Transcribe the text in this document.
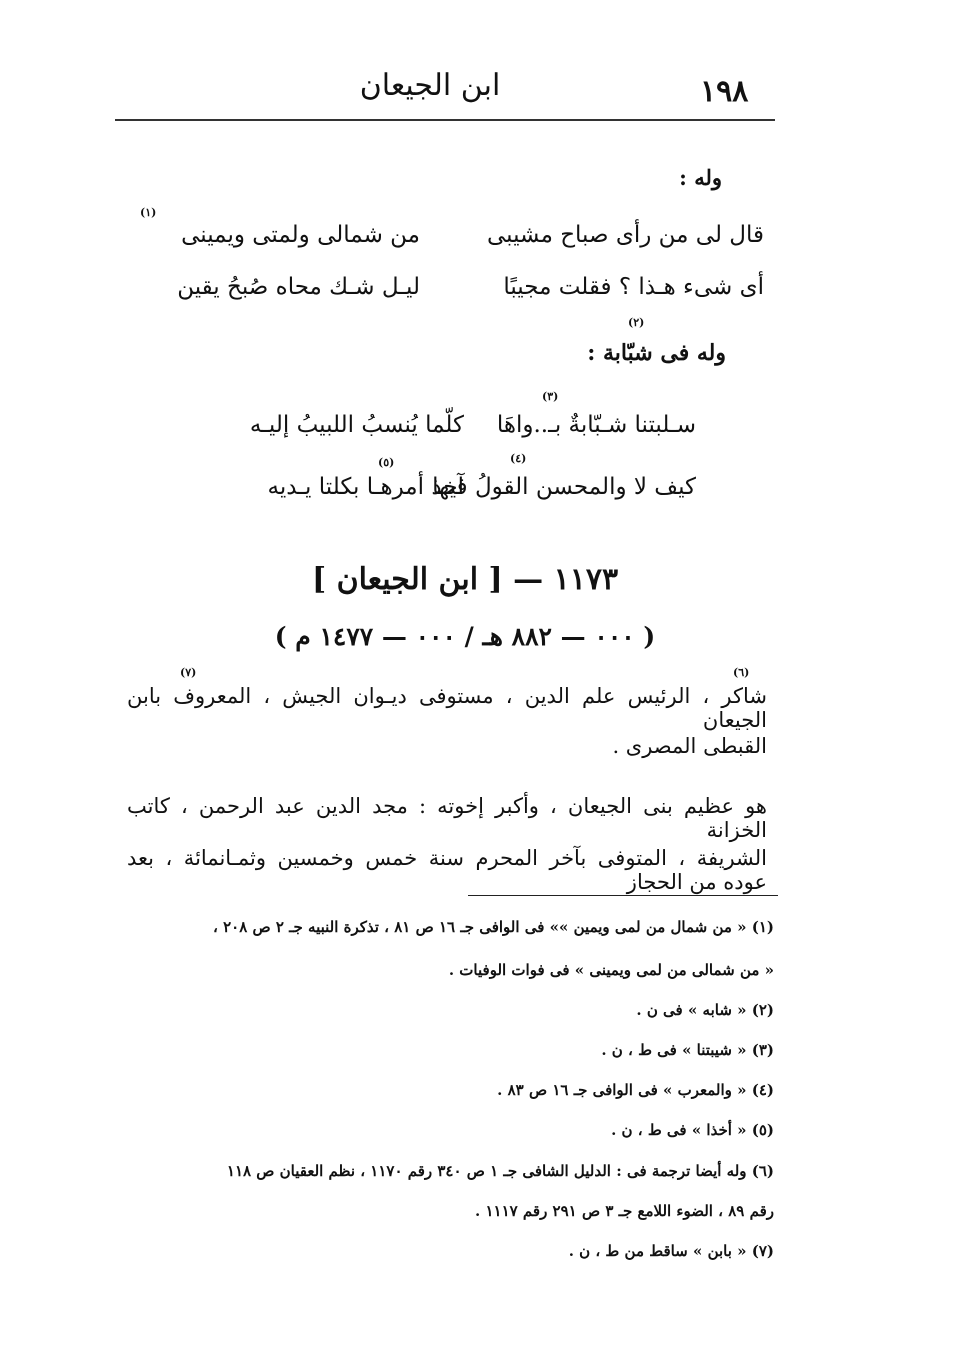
١٩٨
ابن الجيعان
وله :
قال لى من رأى صباح مشيبى
من شمالى ولمتى ويمينى
أى شىء هـذا ؟ فقلت مجيبًا
ليـل شـك محاه صُبحُ يقين
(١)
(٢)
وله فى شبّابة :
(٣)
(٤)
(٥)
سـلبتنا شـبّابةٌ بـ..واهَا
كلّما يُنسبُ اللبيبُ إليـه
كيف لا والمحسن القولُ فيها
آخذ أمرهـا بكلتا يـديه
١١٧٣ — [ ابن الجيعان ]
( ٠٠٠ — ٨٨٢ هـ / ٠٠٠ — ١٤٧٧ م )
(٦)
(٧)
شاكر ، الرئيس علم الدين ، مستوفى ديـوان الجيش ، المعروف بابن الجيعان
القبطى المصرى .
هو عظيم بنى الجيعان ، وأكبر إخوته : مجد الدين عبد الرحمن ، كاتب الخزانة
الشريفة ، المتوفى بآخر المحرم سنة خمس وخمسين وثمـانمائة ، بعد عوده من الحجاز
(١) « من شمال من لمى ويمين »» فى الوافى جـ ١٦ ص ٨١ ، تذكرة النبيه جـ ٢ ص ٢٠٨ ،
« من شمالى من لمى ويمينى » فى فوات الوفيات .
(٢) « شابه » فى ن .
(٣) « شيبتنا » فى ط ، ن .
(٤) « والمعرب » فى الوافى جـ ١٦ ص ٨٣ .
(٥) « أخذا » فى ط ، ن .
(٦) وله أيضا ترجمة فى : الدليل الشافى جـ ١ ص ٣٤٠ رقم ١١٧٠ ، نظم العقيان ص ١١٨
رقم ٨٩ ، الضوء اللامع جـ ٣ ص ٢٩١ رقم ١١١٧ .
(٧) « بابن » ساقط من ط ، ن .
